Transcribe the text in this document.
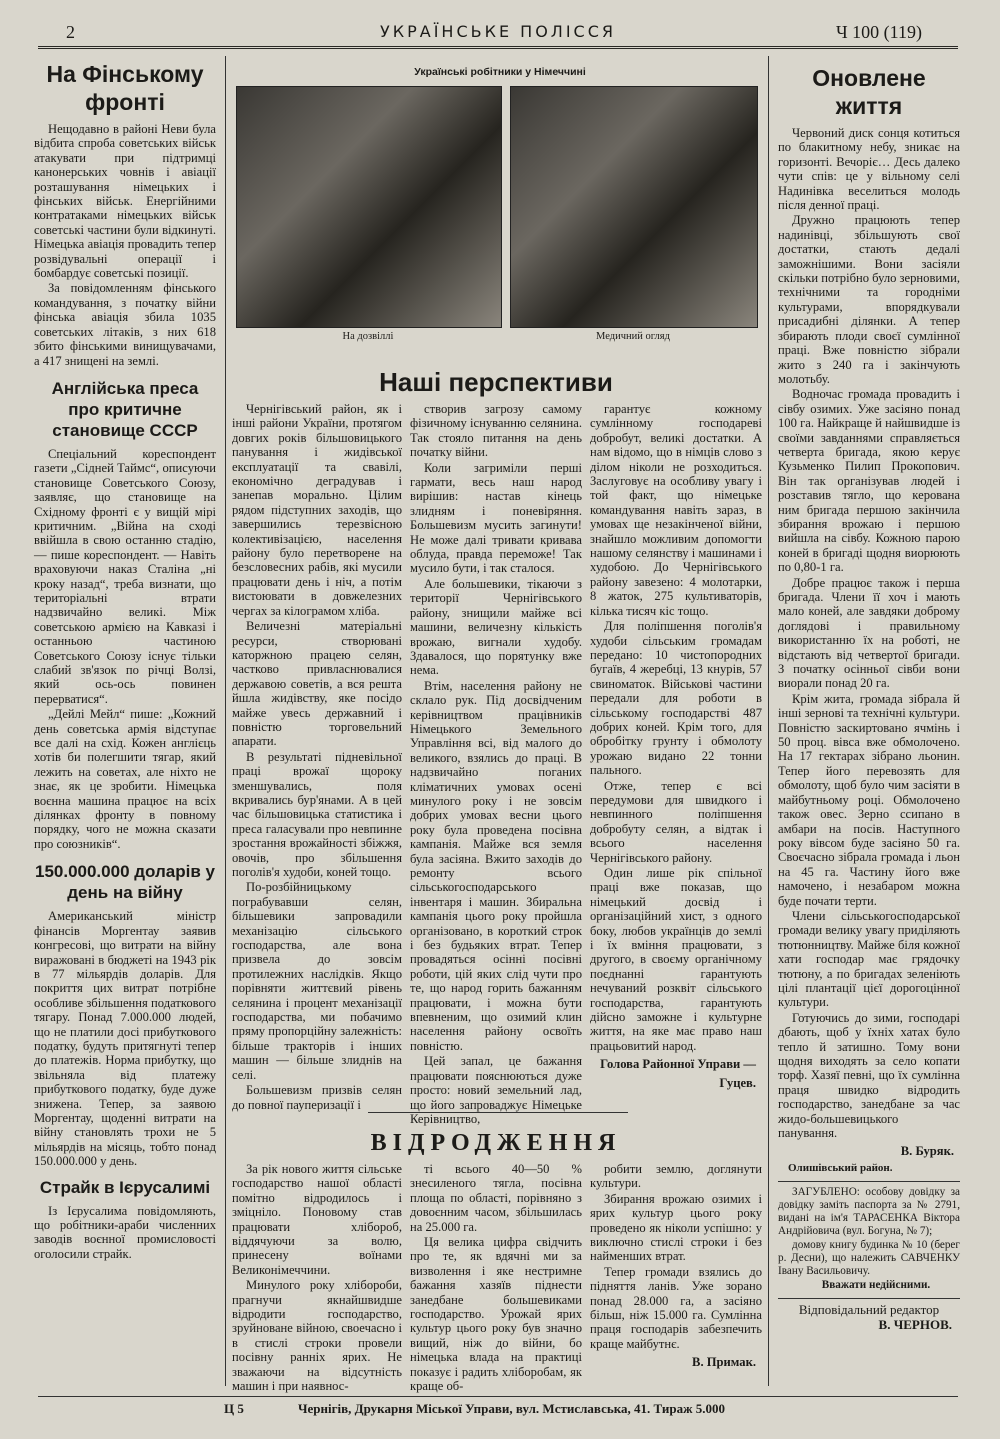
2	УКРАЇНСЬКЕ ПОЛІССЯ	Ч 100 (119)
На Фінському фронті

Нещодавно в районі Неви була відбита спроба советських військ атакувати при підтримці канонерських човнів і авіації розташування німецьких і фінських військ. Енергійними контратаками німецьких військ советські частини були відкинуті. Німецька авіація провадить тепер розвідувальні операції і бомбардує советські позиції.

За повідомленням фінського командування, з початку війни фінська авіація збила 1035 советських літаків, з них 618 збито фінськими винищувачами, а 417 знищені на землі.

Англійська преса про критичне становище СССР

Спеціальний кореспондент газети „Сідней Таймс“, описуючи становище Советського Союзу, заявляє, що становище на Східному фронті є у вищій мірі критичним. „Війна на сході ввійшла в свою останню стадію, — пише кореспондент. — Навіть враховуючи наказ Сталіна „ні кроку назад“, треба визнати, що територіальні втрати надзвичайно великі. Між советською армією на Кавказі і останньою частиною Советського Союзу існує тільки слабий зв'язок по річці Волзі, який ось-ось повинен перерватися“.

„Дейлі Мейл“ пише: „Кожний день советська армія відступає все далі на схід. Кожен англієць хотів би полегшити тягар, який лежить на советах, але ніхто не знає, як це зробити. Німецька воєнна машина працює на всіх ділянках фронту в повному порядку, чого не можна сказати про союзників“.

150.000.000 доларів у день на війну

Американський міністр фінансів Моргентау заявив конгресові, що витрати на війну виражовані в бюджеті на 1943 рік в 77 мільярдів доларів. Для покриття цих витрат потрібне особливе збільшення податкового тягару. Понад 7.000.000 людей, що не платили досі прибуткового податку, будуть притягнуті тепер до платежів. Норма прибутку, що звільняла від платежу прибуткового податку, буде дуже знижена. Тепер, за заявою Моргентау, щоденні витрати на війну становлять трохи не 5 мільярдів на місяць, тобто понад 150.000.000 у день.

Страйк в Ієрусалимі

Із Ієрусалима повідомляють, що робітники-араби численних заводів воєнної промисловості оголосили страйк.

Українські робітники у Німеччині
На дозвіллі	Медичний огляд
Наші перспективи

Чернігівський район, як і інші райони України, протягом довгих років більшовицького панування і жидівської експлуатації та свавілі, економічно деградував і занепав морально. Цілим рядом підступних заходів, що завершились терезвісною колективізацією, населення району було перетворене на безсловесних рабів, які мусили працювати день і ніч, а потім вистоювати в довжелезних чергах за кілограмом хліба.

Величезні матеріальні ресурси, створювані каторжною працею селян, частково привласнювалися державою советів, а вся решта йшла жидівству, яке посідо майже увесь державний і повністю торговельний апарати.

В результаті підневільної праці врожаї щороку зменшувались, поля вкривались бур'янами. А в цей час більшовицька статистика і преса галасували про невпинне зростання врожайності збіжжя, овочів, про збільшення поголів'я худоби, коней тощо.

По-розбійницькому пограбувавши селян, більшевики запровадили механізацію сільського господарства, але вона призвела до зовсім протилежних наслідків. Якщо порівняти життєвий рівень селянина і процент механізації господарства, ми побачимо пряму пропорційну залежність: більше тракторів і інших машин — більше злиднів на селі.

Большевизм призвів селян до повної пауперизації і

створив загрозу самому фізичному існуванню селянина. Так стояло питання на день початку війни.

Коли загриміли перші гармати, весь наш народ вирішив: настав кінець злидням і поневіряння. Большевизм мусить загинути! Не може далі тривати кривава облуда, правда переможе! Так мусило бути, і так сталося.

Але большевики, тікаючи з території Чернігівського району, знищили майже всі машини, величезну кількість врожаю, вигнали худобу. Здавалося, що порятунку вже нема.

Втім, населення району не склало рук. Під досвідченим керівництвом працівників Німецького Земельного Управління всі, від малого до великого, взялись до праці. В надзвичайно поганих кліматичних умовах осені минулого року і не зовсім добрих умовах весни цього року була проведена посівна кампанія. Майже вся земля була засіяна. Вжито заходів до ремонту всього сільськогосподарського інвентаря і машин. Збиральна кампанія цього року пройшла організовано, в короткий строк і без будьяких втрат. Тепер провадяться осінні посівні роботи, цій яких слід чути про те, що народ горить бажанням працювати, і можна бути впевненим, що озимий клин населення району освоїть повністю.

Цей запал, це бажання працювати пояснюються дуже просто: новий земельний лад, що його запроваджує Німецьке Керівництво,

гарантує кожному сумлінному господареві добробут, великі достатки. А нам відомо, що в німців слово з ділом ніколи не розходиться. Заслуговує на особливу увагу і той факт, що німецьке командування навіть зараз, в умовах ще незакінченої війни, знайшло можливим допомогти нашому селянству і машинами і худобою. До Чернігівського району завезено: 4 молотарки, 8 жаток, 275 культиваторів, кілька тисяч кіс тощо.

Для поліпшення поголів'я худоби сільським громадам передано: 10 чистопородних бугаїв, 4 жеребці, 13 кнурів, 57 свиноматок. Військові частини передали для роботи в сільському господарстві 487 добрих коней. Крім того, для обробітку грунту і обмолоту урожаю видано 22 тонни пального.

Отже, тепер є всі передумови для швидкого і невпинного поліпшення добробуту селян, а відтак і всього населення Чернігівського району.

Один лише рік спільної праці вже показав, що німецький досвід і організаційний хист, з одного боку, любов українців до землі і їх вміння працювати, з другого, в своєму органічному поєднанні гарантують нечуваний розквіт сільського господарства, гарантують дійсно заможне і культурне життя, на яке має право наш працьовитий народ.

Голова Районної Управи —
Гуцев.
ВІДРОДЖЕННЯ

За рік нового життя сільське господарство нашої області помітно відродилось і зміцніло. Поновому став працювати хлібороб, віддячуючи за волю, принесену воїнами Великонімеччини.

Минулого року хлібороби, прагнучи якнайшвидше відродити господарство, зруйноване війною, своечасно і в стислі строки провели посівну ранніх ярих. Не зважаючи на відсутність машин і при наявнос-

ті всього 40—50 % знесиленого тягла, посівна площа по області, порівняно з довоєнним часом, збільшилась на 25.000 га.

Ця велика цифра свідчить про те, як вдячні ми за визволення і яке нестримне бажання хазяїв піднести занедбане большевиками господарство. Урожай ярих культур цього року був значно вищий, ніж до війни, бо німецька влада на практиці показує і радить хліборобам, як краще об-

робити землю, доглянути культури.

Збирання врожаю озимих і ярих культур цього року проведено як ніколи успішно: у виключно стислі строки і без найменших втрат.

Тепер громади взялись до підняття ланів. Уже зорано понад 28.000 га, а засіяно більш, ніж 15.000 га. Сумлінна праця господарів забезпечить краще майбутнє.

В. Примак.
Оновлене життя

Червоний диск сонця котиться по блакитному небу, зникає на горизонті. Вечоріє… Десь далеко чути спів: це у вільному селі Надинівка веселиться молодь після денної праці.

Дружно працюють тепер надинівці, збільшують свої достатки, стають дедалі заможнішими. Вони засіяли скільки потрібно було зерновими, технічними та городніми культурами, впорядкували присадибні ділянки. А тепер збирають плоди своєї сумлінної праці. Вже повністю зібрали жито з 240 га і закінчують молотьбу.

Водночас громада провадить і сівбу озимих. Уже засіяно понад 100 га. Найкраще й найшвидше із своїми завданнями справляється четверта бригада, якою керує Кузьменко Пилип Прокопович. Він так організував людей і розставив тягло, що керована ним бригада першою закінчила збирання врожаю і першою вийшла на сівбу. Кожною парою коней в бригаді щодня виорюють по 0,80-1 га.

Добре працює також і перша бригада. Члени її хоч і мають мало коней, але завдяки доброму доглядові і правильному використанню їх на роботі, не відстають від четвертої бригади. З початку осінньої сівби вони виорали понад 20 га.

Крім жита, громада зібрала й інші зернові та технічні культури. Повністю заскиртовано ячмінь і 50 проц. вівса вже обмолочено. На 17 гектарах зібрано льонин. Тепер його перевозять для обмолоту, щоб було чим засіяти в майбутньому році. Обмолочено також овес. Зерно ссипано в амбари на посів. Наступного року вівсом буде засіяно 50 га. Своєчасно зібрала громада і льон на 45 га. Частину його вже намочено, і незабаром можна буде почати терти.

Члени сільськогосподарської громади велику увагу приділяють тютюнництву. Майже біля кожної хати господар має грядочку тютюну, а по бригадах зеленіють цілі плантації цієї дорогоцінної культури.

Готуючись до зими, господарі дбають, щоб у їхніх хатах було тепло й затишно. Тому вони щодня виходять за село копати торф. Хазяї певні, що їх сумлінна праця швидко відродить господарство, занедбане за час жидо-большевицького панування.

В. Буряк.
Олишівський район.

ЗАГУБЛЕНО: особову довідку за довідку заміть паспорта за № 2791, видані на ім'я ТАРАСЕНКА Віктора Андрійовича (вул. Богуна, № 7);

домову книгу будинка № 10 (берег р. Десни), що належить САВЧЕНКУ Івану Васильовичу.

Вважати недійсними.

Відповідальний редактор
В. ЧЕРНОВ.
Ц 5	Чернігів, Друкарня Міської Управи, вул. Мстиславська, 41. Тираж 5.000
